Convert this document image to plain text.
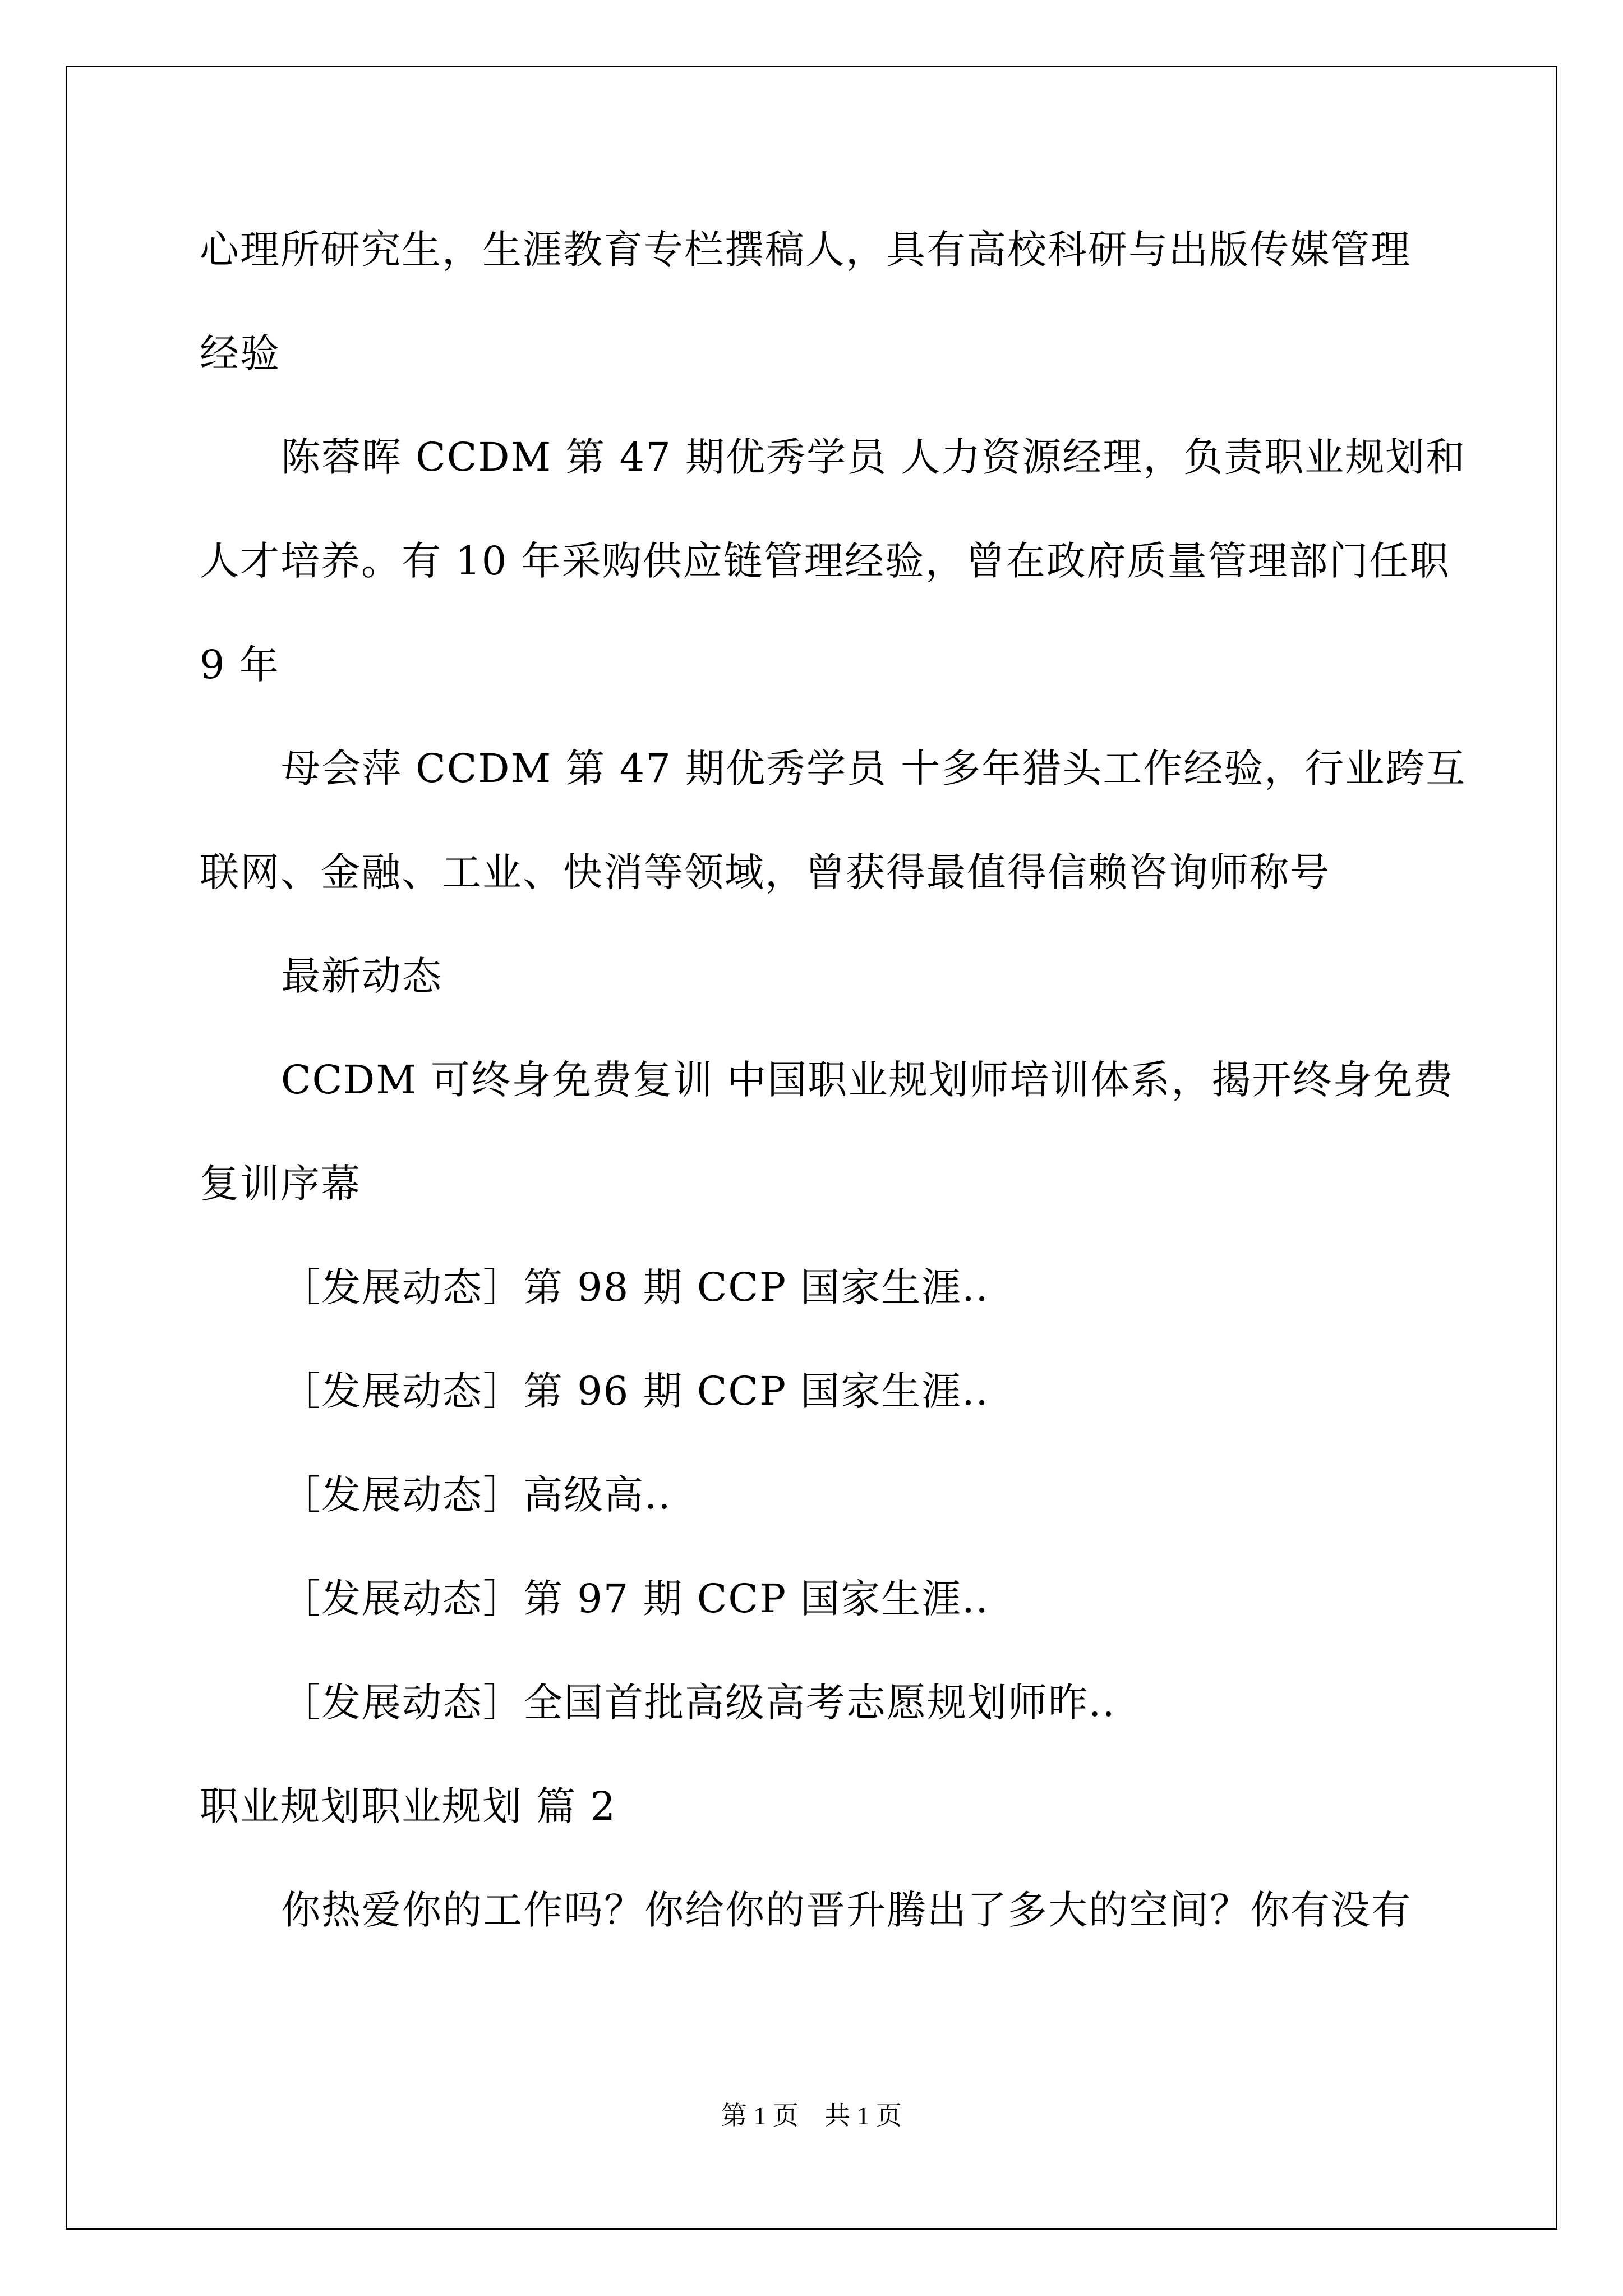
心理所研究生，生涯教育专栏撰稿人，具有高校科研与出版传媒管理
经验
陈蓉晖 CCDM 第 47 期优秀学员 人力资源经理，负责职业规划和
人才培养。有 10 年采购供应链管理经验，曾在政府质量管理部门任职
9 年
母会萍 CCDM 第 47 期优秀学员 十多年猎头工作经验，行业跨互
联网、金融、工业、快消等领域，曾获得最值得信赖咨询师称号
最新动态
CCDM 可终身免费复训 中国职业规划师培训体系，揭开终身免费
复训序幕
［发展动态］第 98 期 CCP 国家生涯..
［发展动态］第 96 期 CCP 国家生涯..
［发展动态］高级高..
［发展动态］第 97 期 CCP 国家生涯..
［发展动态］全国首批高级高考志愿规划师昨..
职业规划职业规划 篇 2
你热爱你的工作吗？你给你的晋升腾出了多大的空间？你有没有
第 1 页　共 1 页
